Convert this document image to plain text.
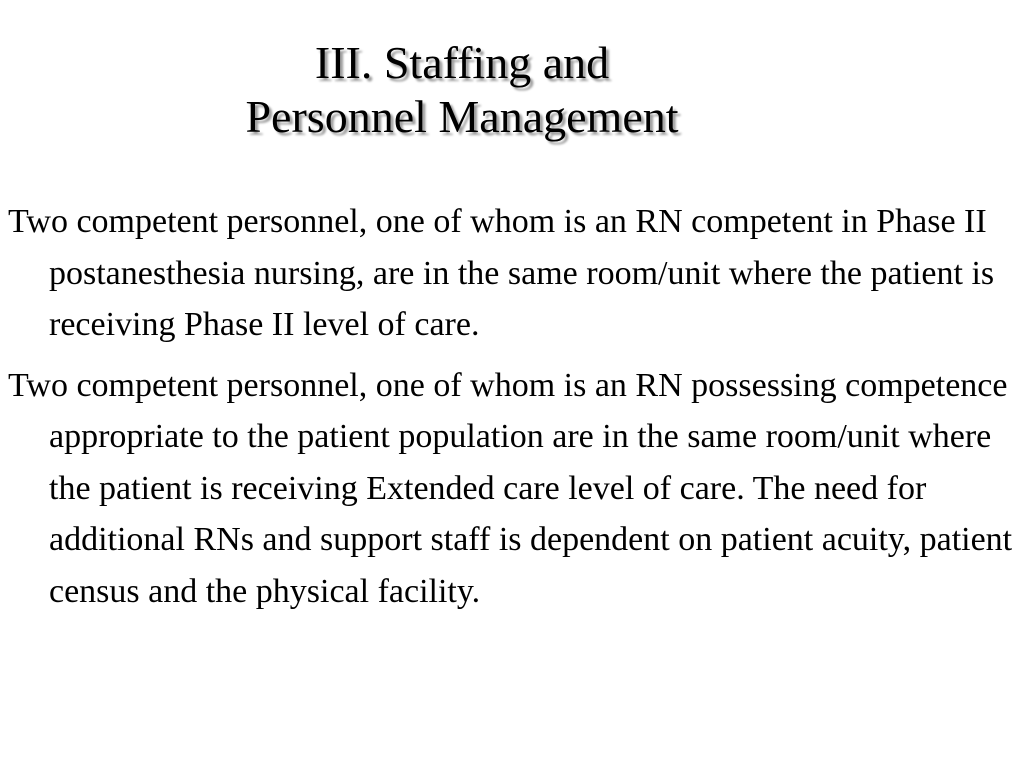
III. Staffing and
Personnel Management

Two competent personnel, one of whom is an RN competent in Phase II postanesthesia nursing, are in the same room/unit where the patient is receiving Phase II level of care.

Two competent personnel, one of whom is an RN possessing competence appropriate to the patient population are in the same room/unit where the patient is receiving Extended care level of care. The need for additional RNs and support staff is dependent on patient acuity, patient census and the physical facility.
